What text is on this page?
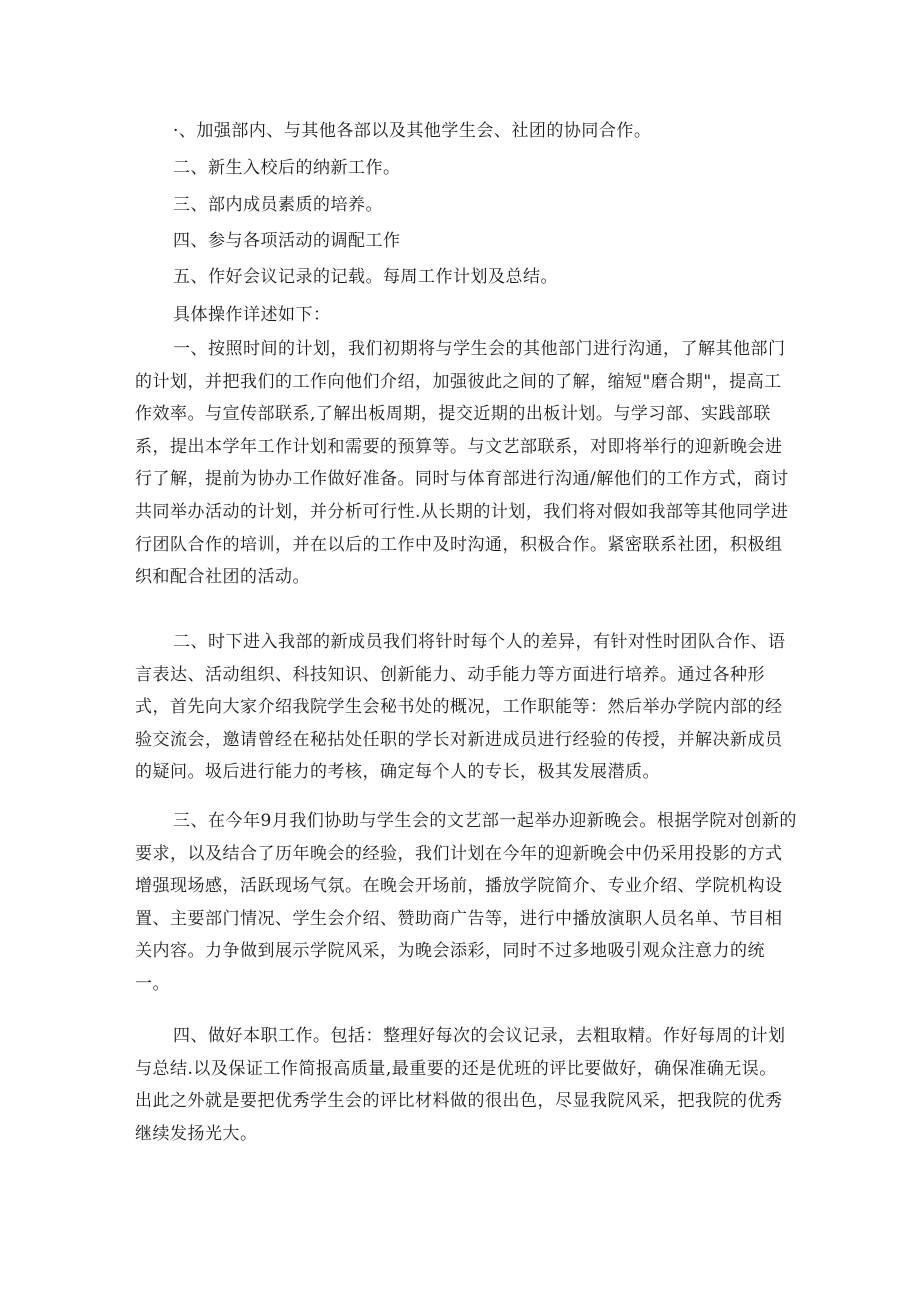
·、加强部内、与其他各部以及其他学生会、社团的协同合作。
二、新生入校后的纳新工作。
三、部内成员素质的培养。
四、参与各项活动的调配工作
五、作好会议记录的记载。每周工作计划及总结。
具体操作详述如下：
一、按照时间的计划，我们初期将与学生会的其他部门进行沟通，了解其他部门
的计划，并把我们的工作向他们介绍，加强彼此之间的了解，缩短"磨合期"，提高工
作效率。与宣传部联系,了解出板周期，提交近期的出板计划。与学习部、实践部联
系，提出本学年工作计划和需要的预算等。与文艺部联系，对即将举行的迎新晚会进
行了解，提前为协办工作做好准备。同时与体育部进行沟通/解他们的工作方式，商讨
共同举办活动的计划，并分析可行性.从长期的计划，我们将对假如我部等其他同学进
行团队合作的培训，并在以后的工作中及时沟通，积极合作。紧密联系社团，积极组
织和配合社团的活动。
二、时下进入我部的新成员我们将针时每个人的差异，有针对性时团队合作、语
言表达、活动组织、科技知识、创新能力、动手能力等方面进行培养。通过各种形
式，首先向大家介绍我院学生会秘书处的概况，工作职能等：然后举办学院内部的经
验交流会，邀请曾经在秘拈处任职的学长对新进成员进行经验的传授，并解决新成员
的疑问。圾后进行能力的考核，确定每个人的专长，极其发展潜质。
三、在今年9月我们协助与学生会的文艺部一起举办迎新晚会。根据学院对创新的
要求，以及结合了历年晚会的经验，我们计划在今年的迎新晚会中仍采用投影的方式
增强现场感，活跃现场气氛。在晚会开场前，播放学院简介、专业介绍、学院机构设
置、主要部门情况、学生会介绍、赞助商广告等，进行中播放演职人员名单、节目相
关内容。力争做到展示学院风采，为晚会添彩，同时不过多地吸引观众注意力的统
一。
四、做好本职工作。包括：整理好每次的会议记录，去粗取精。作好每周的计划
与总结.以及保证工作简报高质量,最重要的还是优班的评比要做好，确保准确无误。
出此之外就是要把优秀学生会的评比材料做的很出色，尽显我院风采，把我院的优秀
继续发扬光大。
